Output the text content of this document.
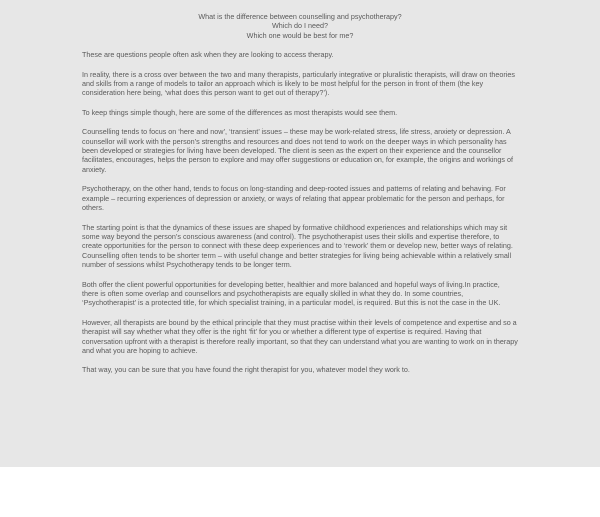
What is the difference between counselling and psychotherapy?
Which do I need?
Which one would be best for me?

These are questions people often ask when they are looking to access therapy.

In reality, there is a cross over between the two and many therapists, particularly integrative or pluralistic therapists, will draw on theories and skills from a range of models to tailor an approach which is likely to be most helpful for the person in front of them (the key consideration here being, ‘what does this person want to get out of therapy?’).

To keep things simple though, here are some of the differences as most therapists would see them.

Counselling tends to focus on ‘here and now’, ‘transient’ issues – these may be work-related stress, life stress, anxiety or depression. A counsellor will work with the person’s strengths and resources and does not tend to work on the deeper ways in which personality has been developed or strategies for living have been developed. The client is seen as the expert on their experience and the counsellor facilitates, encourages, helps the person to explore and may offer suggestions or education on, for example, the origins and workings of anxiety.

Psychotherapy, on the other hand, tends to focus on long-standing and deep-rooted issues and patterns of relating and behaving. For example – recurring experiences of depression or anxiety, or ways of relating that appear problematic for the person and perhaps, for others.

The starting point is that the dynamics of these issues are shaped by formative childhood experiences and relationships which may sit some way beyond the person’s conscious awareness (and control). The psychotherapist uses their skills and expertise therefore, to create opportunities for the person to connect with these deep experiences and to ‘rework’ them or develop new, better ways of relating. Counselling often tends to be shorter term – with useful change and better strategies for living being achievable within a relatively small number of sessions whilst Psychotherapy tends to be longer term.

Both offer the client powerful opportunities for developing better, healthier and more balanced and hopeful ways of living.In practice, there is often some overlap and counsellors and psychotherapists are equally skilled in what they do. In some countries, ‘Psychotherapist’ is a protected title, for which specialist training, in a particular model, is required. But this is not the case in the UK.

However, all therapists are bound by the ethical principle that they must practise within their levels of competence and expertise and so a therapist will say whether what they offer is the right ‘fit’ for you or whether a different type of expertise is required. Having that conversation upfront with a therapist is therefore really important, so that they can understand what you are wanting to work on in therapy and what you are hoping to achieve.

That way, you can be sure that you have found the right therapist for you, whatever model they work to.
